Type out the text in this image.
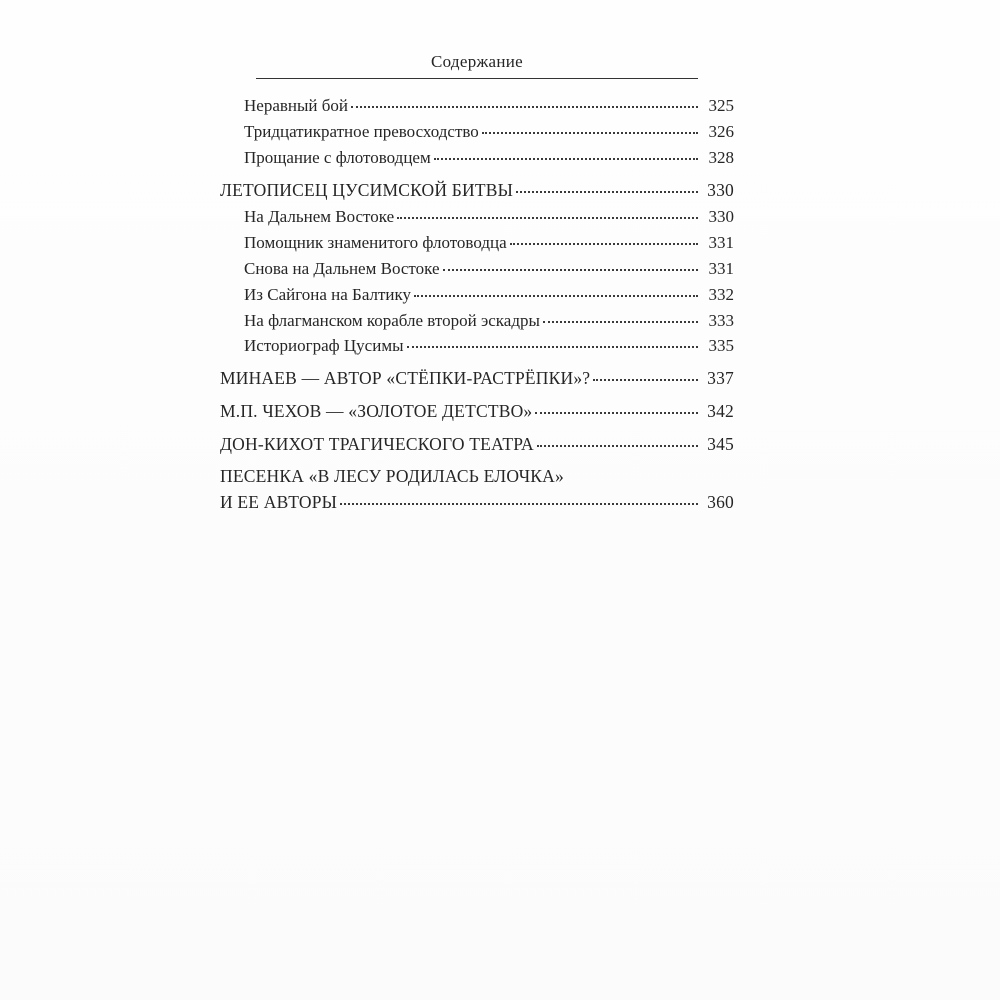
Содержание

Неравный бой	325
Тридцатикратное превосходство	326
Прощание с флотоводцем	328
ЛЕТОПИСЕЦ ЦУСИМСКОЙ БИТВЫ	330
На Дальнем Востоке	330
Помощник знаменитого флотоводца	331
Снова на Дальнем Востоке	331
Из Сайгона на Балтику	332
На флагманском корабле второй эскадры	333
Историограф Цусимы	335
МИНАЕВ — АВТОР «СТЁПКИ-РАСТРЁПКИ»?	337
М.П. ЧЕХОВ — «ЗОЛОТОЕ ДЕТСТВО»	342
ДОН-КИХОТ ТРАГИЧЕСКОГО ТЕАТРА	345
ПЕСЕНКА «В ЛЕСУ РОДИЛАСЬ ЕЛОЧКА»
И ЕЕ АВТОРЫ	360
